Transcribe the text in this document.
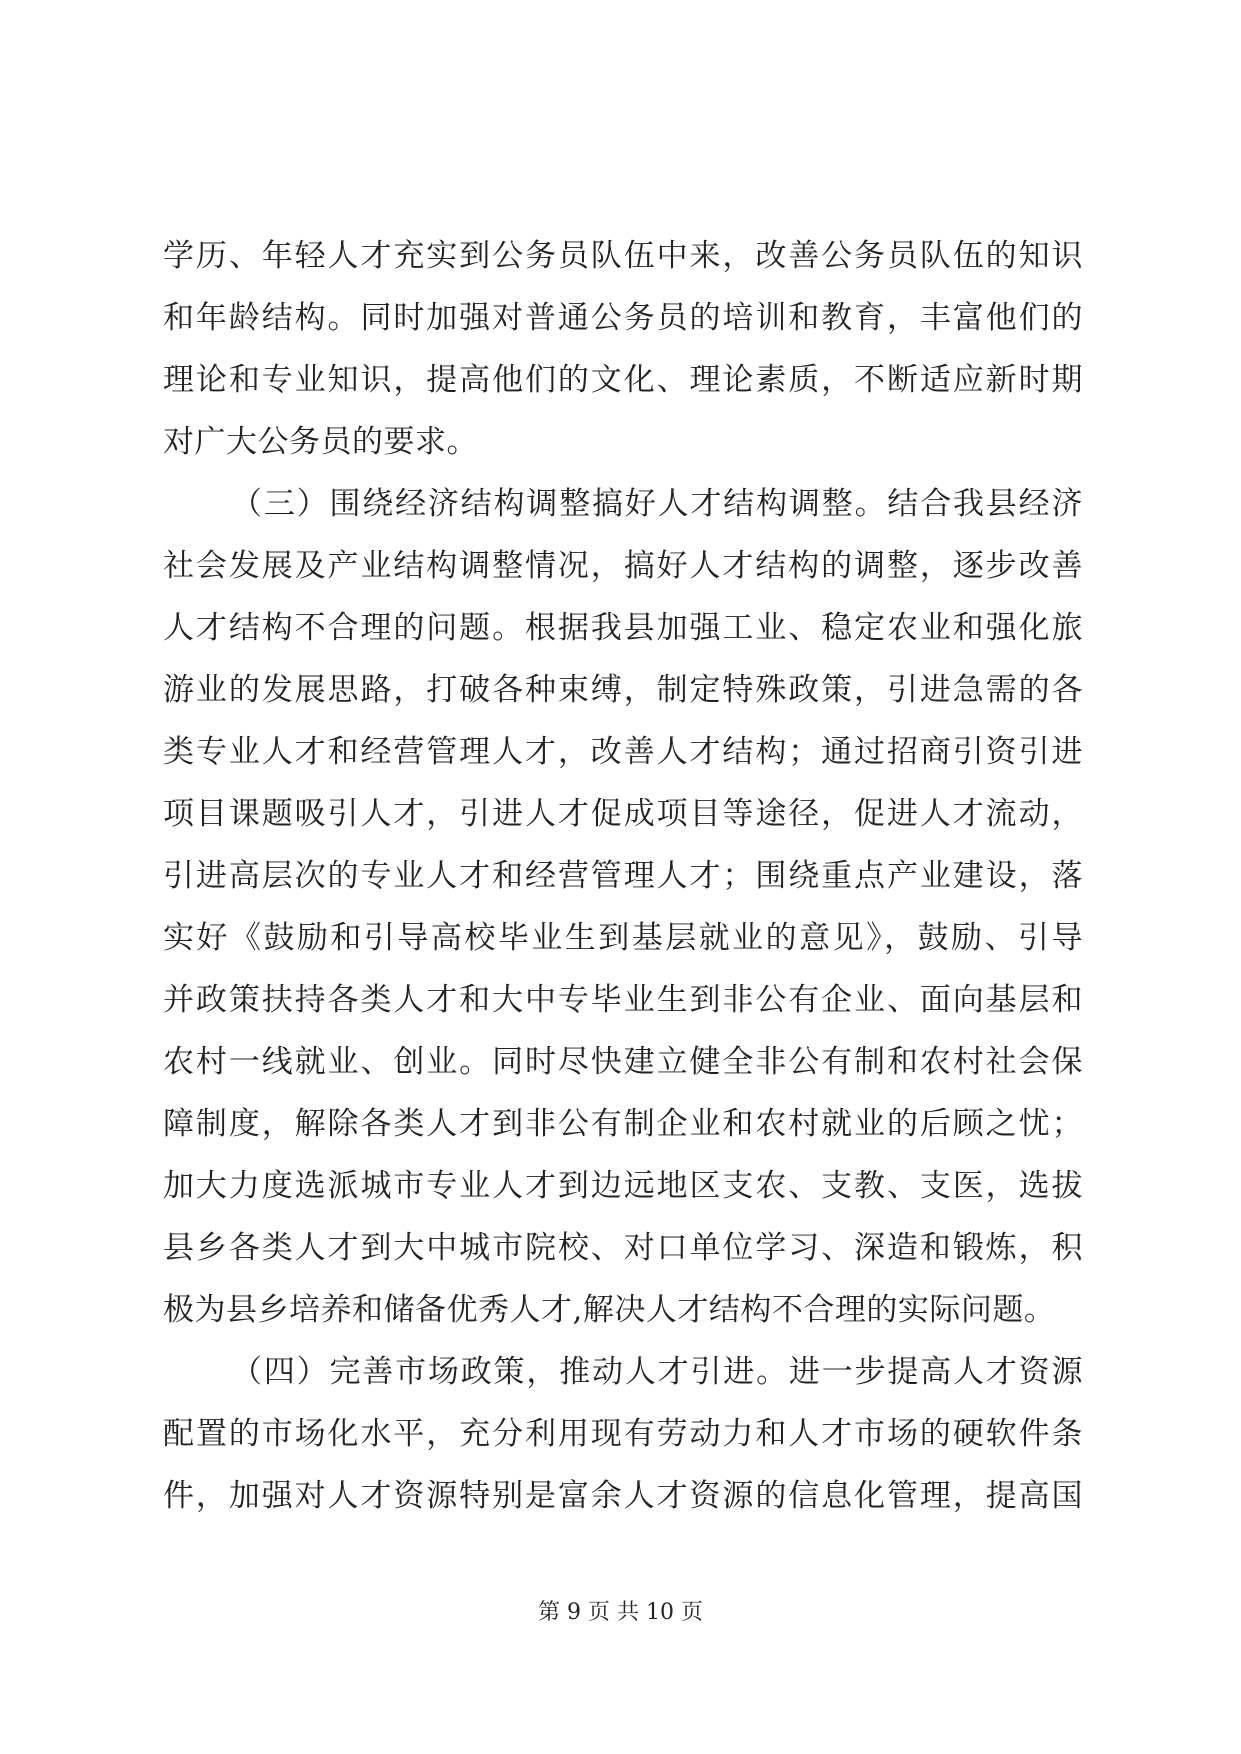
学历、年轻人才充实到公务员队伍中来，改善公务员队伍的知识
和年龄结构。同时加强对普通公务员的培训和教育，丰富他们的
理论和专业知识，提高他们的文化、理论素质，不断适应新时期
对广大公务员的要求。
（三）围绕经济结构调整搞好人才结构调整。结合我县经济
社会发展及产业结构调整情况，搞好人才结构的调整，逐步改善
人才结构不合理的问题。根据我县加强工业、稳定农业和强化旅
游业的发展思路，打破各种束缚，制定特殊政策，引进急需的各
类专业人才和经营管理人才，改善人才结构；通过招商引资引进
项目课题吸引人才，引进人才促成项目等途径，促进人才流动，
引进高层次的专业人才和经营管理人才；围绕重点产业建设，落
实好《鼓励和引导高校毕业生到基层就业的意见》，鼓励、引导
并政策扶持各类人才和大中专毕业生到非公有企业、面向基层和
农村一线就业、创业。同时尽快建立健全非公有制和农村社会保
障制度，解除各类人才到非公有制企业和农村就业的后顾之忧；
加大力度选派城市专业人才到边远地区支农、支教、支医，选拔
县乡各类人才到大中城市院校、对口单位学习、深造和锻炼，积
极为县乡培养和储备优秀人才,解决人才结构不合理的实际问题。
（四）完善市场政策，推动人才引进。进一步提高人才资源
配置的市场化水平，充分利用现有劳动力和人才市场的硬软件条
件，加强对人才资源特别是富余人才资源的信息化管理，提高国
第 9 页 共 10 页
